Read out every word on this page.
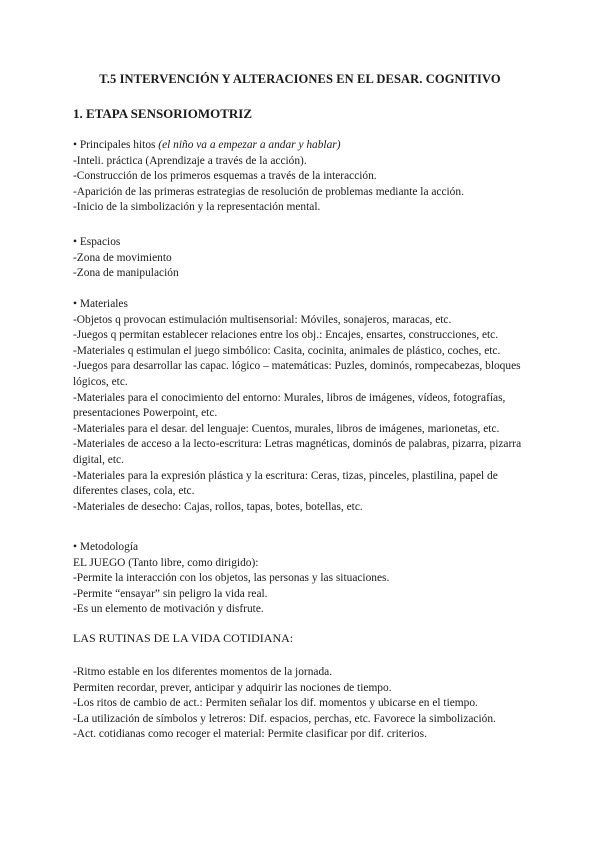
T.5 INTERVENCIÓN Y ALTERACIONES EN EL DESAR. COGNITIVO
1. ETAPA SENSORIOMOTRIZ

• Principales hitos (el niño va a empezar a andar y hablar)

-Inteli. práctica (Aprendizaje a través de la acción).

-Construcción de los primeros esquemas a través de la interacción.

-Aparición de las primeras estrategias de resolución de problemas mediante la acción.

-Inicio de la simbolización y la representación mental.

• Espacios

-Zona de movimiento

-Zona de manipulación

• Materiales

-Objetos q provocan estimulación multisensorial: Móviles, sonajeros, maracas, etc.

-Juegos q permitan establecer relaciones entre los obj.: Encajes, ensartes, construcciones, etc.

-Materiales q estimulan el juego simbólico: Casita, cocinita, animales de plástico, coches, etc.

-Juegos para desarrollar las capac. lógico – matemáticas: Puzles, dominós, rompecabezas, bloques lógicos, etc.

-Materiales para el conocimiento del entorno: Murales, libros de imágenes, vídeos, fotografías, presentaciones Powerpoint, etc.

-Materiales para el desar. del lenguaje: Cuentos, murales, libros de imágenes, marionetas, etc.

-Materiales de acceso a la lecto-escritura: Letras magnéticas, dominós de palabras, pizarra, pizarra digital, etc.

-Materiales para la expresión plástica y la escritura: Ceras, tizas, pinceles, plastilina, papel de diferentes clases, cola, etc.

-Materiales de desecho: Cajas, rollos, tapas, botes, botellas, etc.

• Metodología

EL JUEGO (Tanto libre, como dirigido):

-Permite la interacción con los objetos, las personas y las situaciones.

-Permite “ensayar” sin peligro la vida real.

-Es un elemento de motivación y disfrute.

LAS RUTINAS DE LA VIDA COTIDIANA:

-Ritmo estable en los diferentes momentos de la jornada.

Permiten recordar, prever, anticipar y adquirir las nociones de tiempo.

-Los ritos de cambio de act.: Permiten señalar los dif. momentos y ubicarse en el tiempo.

-La utilización de símbolos y letreros: Dif. espacios, perchas, etc. Favorece la simbolización.

-Act. cotidianas como recoger el material: Permite clasificar por dif. criterios.
